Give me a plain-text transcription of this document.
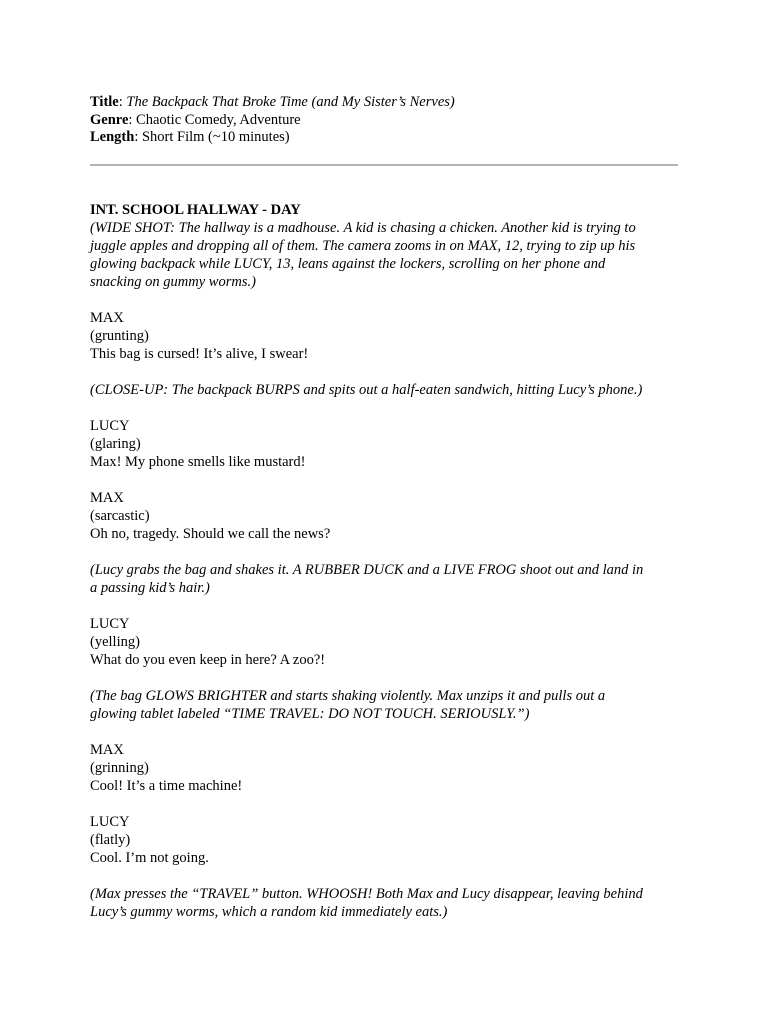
Title: The Backpack That Broke Time (and My Sister’s Nerves)
Genre: Chaotic Comedy, Adventure
Length: Short Film (~10 minutes)

INT. SCHOOL HALLWAY - DAY

(WIDE SHOT: The hallway is a madhouse. A kid is chasing a chicken. Another kid is trying to

juggle apples and dropping all of them. The camera zooms in on MAX, 12, trying to zip up his

glowing backpack while LUCY, 13, leans against the lockers, scrolling on her phone and

snacking on gummy worms.)

MAX

(grunting)

This bag is cursed! It’s alive, I swear!

(CLOSE-UP: The backpack BURPS and spits out a half-eaten sandwich, hitting Lucy’s phone.)

LUCY

(glaring)

Max! My phone smells like mustard!

MAX

(sarcastic)

Oh no, tragedy. Should we call the news?

(Lucy grabs the bag and shakes it. A RUBBER DUCK and a LIVE FROG shoot out and land in

a passing kid’s hair.)

LUCY

(yelling)

What do you even keep in here? A zoo?!

(The bag GLOWS BRIGHTER and starts shaking violently. Max unzips it and pulls out a

glowing tablet labeled “TIME TRAVEL: DO NOT TOUCH. SERIOUSLY.”)

MAX

(grinning)

Cool! It’s a time machine!

LUCY

(flatly)

Cool. I’m not going.

(Max presses the “TRAVEL” button. WHOOSH! Both Max and Lucy disappear, leaving behind

Lucy’s gummy worms, which a random kid immediately eats.)
